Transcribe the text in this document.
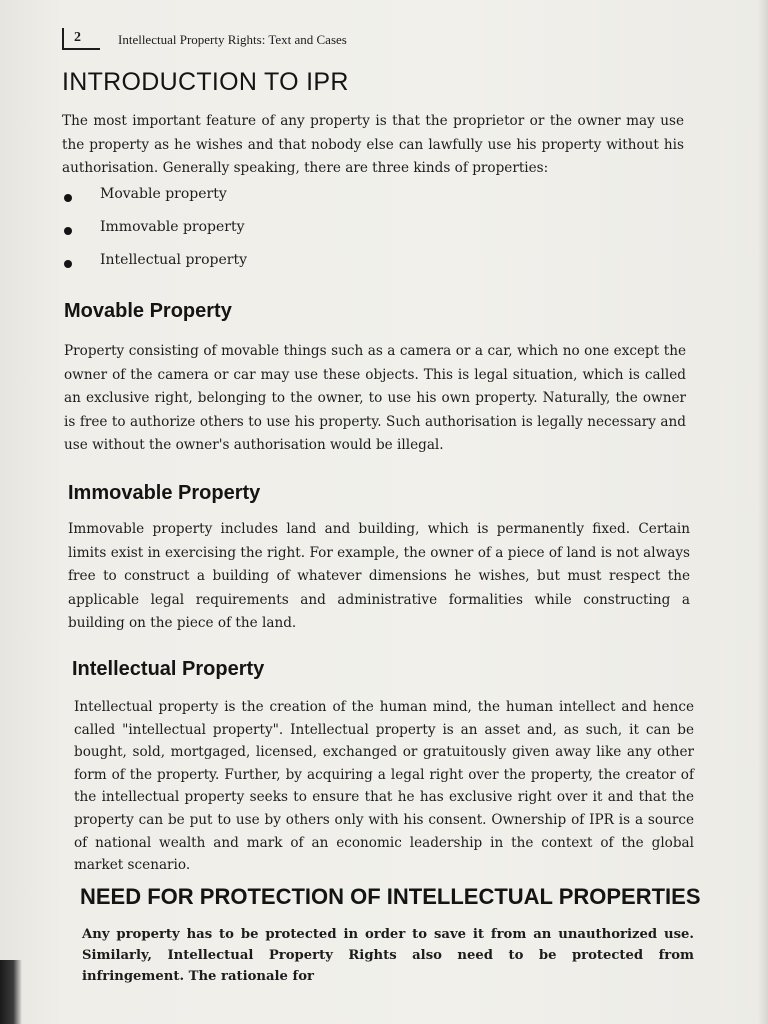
2	Intellectual Property Rights: Text and Cases
INTRODUCTION TO IPR

The most important feature of any property is that the proprietor or the owner may use the property as he wishes and that nobody else can lawfully use his property without his authorisation. Generally speaking, there are three kinds of properties:

Movable property
Immovable property
Intellectual property
Movable Property

Property consisting of movable things such as a camera or a car, which no one except the owner of the camera or car may use these objects. This is legal situation, which is called an exclusive right, belonging to the owner, to use his own property. Naturally, the owner is free to authorize others to use his property. Such authorisation is legally necessary and use without the owner's authorisation would be illegal.

Immovable Property

Immovable property includes land and building, which is permanently fixed. Certain limits exist in exercising the right. For example, the owner of a piece of land is not always free to construct a building of whatever dimensions he wishes, but must respect the applicable legal requirements and administrative formalities while constructing a building on the piece of the land.

Intellectual Property

Intellectual property is the creation of the human mind, the human intellect and hence called "intellectual property". Intellectual property is an asset and, as such, it can be bought, sold, mortgaged, licensed, exchanged or gratuitously given away like any other form of the property. Further, by acquiring a legal right over the property, the creator of the intellectual property seeks to ensure that he has exclusive right over it and that the property can be put to use by others only with his consent. Ownership of IPR is a source of national wealth and mark of an economic leadership in the context of the global market scenario.

NEED FOR PROTECTION OF INTELLECTUAL PROPERTIES

Any property has to be protected in order to save it from an unauthorized use. Similarly, Intellectual Property Rights also need to be protected from infringement. The rationale for
